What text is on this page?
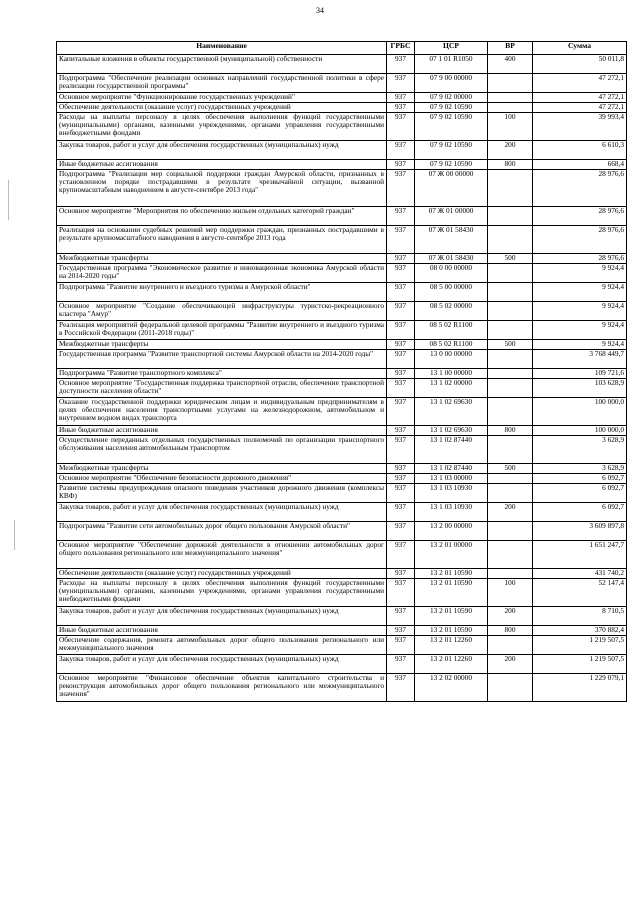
34
Наименование	ГРБС	ЦСР	ВР	Сумма
Капитальные вложения в объекты государственной (муниципальной) собственности	937	07 1 01 R1050	400	50 011,8
Подпрограмма "Обеспечение реализации основных направлений государственной политики в сфере реализации государственной программы"	937	07 9 00 00000		47 272,1
Основное мероприятие "Функционирование государственных учреждений"	937	07 9 02 00000		47 272,1
Обеспечение деятельности (оказание услуг) государственных учреждений	937	07 9 02 10590		47 272,1
Расходы на выплаты персоналу в целях обеспечения выполнения функций государственными (муниципальными) органами, казенными учреждениями, органами управления государственными внебюджетными фондами	937	07 9 02 10590	100	39 993,4
Закупка товаров, работ и услуг для обеспечения государственных (муниципальных) нужд	937	07 9 02 10590	200	6 610,3
Иные бюджетные ассигнования	937	07 9 02 10590	800	668,4
Подпрограмма "Реализация мер социальной поддержки граждан Амурской области, признанных в установленном порядке пострадавшими в результате чрезвычайной ситуации, вызванной крупномасштабным наводнением в августе-сентябре 2013 года"	937	07 Ж 00 00000		28 976,6
Основное мероприятие "Мероприятия по обеспечению жильем отдельных категорий граждан"	937	07 Ж 01 00000		28 976,6
Реализация на основании судебных решений мер поддержки граждан, признанных пострадавшими в результате крупномасштабного наводнения в августе-сентябре 2013 года	937	07 Ж 01 58430		28 976,6
Межбюджетные трансферты	937	07 Ж 01 58430	500	28 976,6
Государственная программа "Экономическое развитие и инновационная экономика Амурской области на 2014-2020 годы"	937	08 0 00 00000		9 924,4
Подпрограмма "Развитие внутреннего и въездного туризма в Амурской области"	937	08 5 00 00000		9 924,4
Основное мероприятие "Создание обеспечивающей инфраструктуры туристско-рекреационного кластера "Амур"	937	08 5 02 00000		9 924,4
Реализация мероприятий федеральной целевой программы "Развитие внутреннего и въездного туризма в Российской Федерации (2011-2018 годы)"	937	08 5 02 R1100		9 924,4
Межбюджетные трансферты	937	08 5 02 R1100	500	9 924,4
Государственная программа "Развитие транспортной системы Амурской области на 2014-2020 годы"	937	13 0 00 00000		3 768 449,7
Подпрограмма "Развитие транспортного комплекса"	937	13 1 00 00000		109 721,6
Основное мероприятие "Государственная поддержка транспортной отрасли, обеспечение транспортной доступности населения области"	937	13 1 02 00000		103 628,9
Оказание государственной поддержки юридическим лицам и индивидуальным предпринимателям в целях обеспечения населения транспортными услугами на железнодорожном, автомобильном и внутреннем водном видах транспорта	937	13 1 02 69630		100 000,0
Иные бюджетные ассигнования	937	13 1 02 69630	800	100 000,0
Осуществление переданных отдельных государственных полномочий по организации транспортного обслуживания населения автомобильным транспортом	937	13 1 02 87440		3 628,9
Межбюджетные трансферты	937	13 1 02 87440	500	3 628,9
Основное мероприятие "Обеспечение безопасности дорожного движения"	937	13 1 03 00000		6 092,7
Развитие системы предупреждения опасного поведения участников дорожного движения (комплексы КВФ)	937	13 1 03 10930		6 092,7
Закупка товаров, работ и услуг для обеспечения государственных (муниципальных) нужд	937	13 1 03 10930	200	6 092,7
Подпрограмма "Развитие сети автомобильных дорог общего пользования Амурской области"	937	13 2 00 00000		3 609 897,8
Основное мероприятие "Обеспечение дорожной деятельности в отношении автомобильных дорог общего пользования регионального или межмуниципального значения"	937	13 2 01 00000		1 651 247,7
Обеспечение деятельности (оказание услуг) государственных учреждений	937	13 2 01 10590		431 740,2
Расходы на выплаты персоналу в целях обеспечения выполнения функций государственными (муниципальными) органами, казенными учреждениями, органами управления государственными внебюджетными фондами	937	13 2 01 10590	100	52 147,4
Закупка товаров, работ и услуг для обеспечения государственных (муниципальных) нужд	937	13 2 01 10590	200	8 710,5
Иные бюджетные ассигнования	937	13 2 01 10590	800	370 882,4
Обеспечение содержания, ремонта автомобильных дорог общего пользования регионального или межмуниципального значения	937	13 2 01 12260		1 219 507,5
Закупка товаров, работ и услуг для обеспечения государственных (муниципальных) нужд	937	13 2 01 12260	200	1 219 507,5
Основное мероприятие "Финансовое обеспечение объектов капитального строительства и реконструкция автомобильных дорог общего пользования регионального или межмуниципального значения"	937	13 2 02 00000		1 229 079,1
